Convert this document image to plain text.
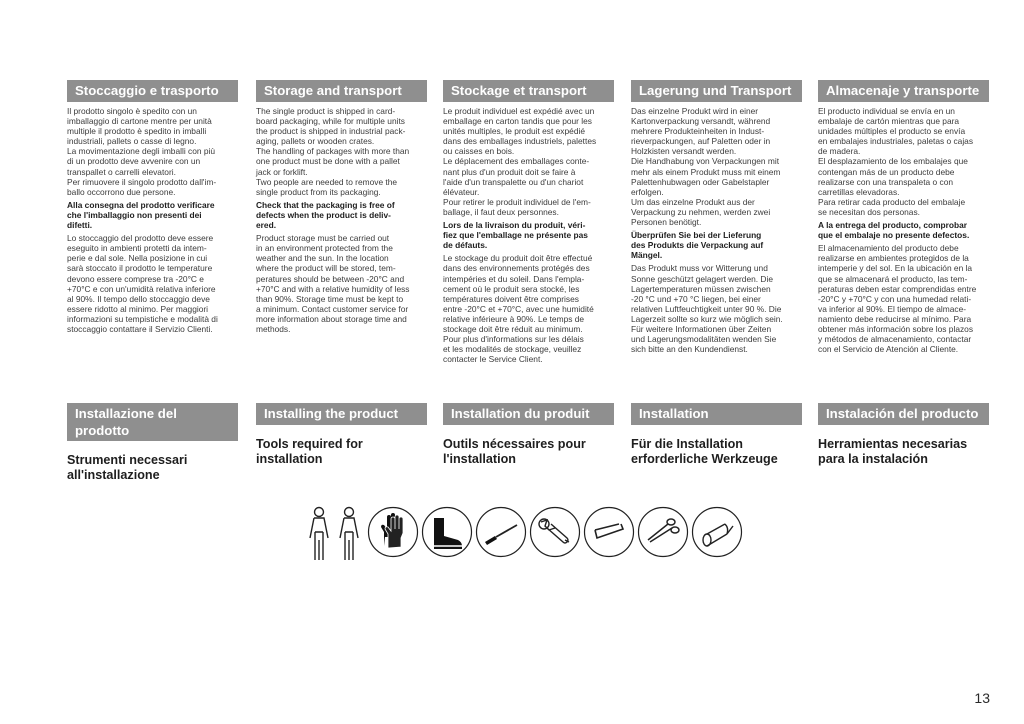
Stoccaggio e trasporto

Il prodotto singolo è spedito con un
imballaggio di cartone mentre per unità
multiple il prodotto è spedito in imballi
industriali, pallets o casse di legno.
La movimentazione degli imballi con più
di un prodotto deve avvenire con un
transpallet o carrelli elevatori.
Per rimuovere il singolo prodotto dall'im-
ballo occorrono due persone.

Alla consegna del prodotto verificare
che l'imballaggio non presenti dei
difetti.

Lo stoccaggio del prodotto deve essere
eseguito in ambienti protetti da intem-
perie e dal sole. Nella posizione in cui
sarà stoccato il prodotto le temperature
devono essere comprese tra -20°C e
+70°C e con un'umidità relativa inferiore
al 90%. Il tempo dello stoccaggio deve
essere ridotto al minimo. Per maggiori
informazioni su tempistiche e modalità di
stoccaggio contattare il Servizio Clienti.

Storage and transport

The single product is shipped in card-
board packaging, while for multiple units
the product is shipped in industrial pack-
aging, pallets or wooden crates.
The handling of packages with more than
one product must be done with a pallet
jack or forklift.
Two people are needed to remove the
single product from its packaging.

Check that the packaging is free of
defects when the product is deliv-
ered.

Product storage must be carried out
in an environment protected from the
weather and the sun. In the location
where the product will be stored, tem-
peratures should be between -20°C and
+70°C and with a relative humidity of less
than 90%. Storage time must be kept to
a minimum. Contact customer service for
more information about storage time and
methods.

Stockage et transport

Le produit individuel est expédié avec un
emballage en carton tandis que pour les
unités multiples, le produit est expédié
dans des emballages industriels, palettes
ou caisses en bois.
Le déplacement des emballages conte-
nant plus d'un produit doit se faire à
l'aide d'un transpalette ou d'un chariot
élévateur.
Pour retirer le produit individuel de l'em-
ballage, il faut deux personnes.

Lors de la livraison du produit, véri-
fiez que l'emballage ne présente pas
de défauts.

Le stockage du produit doit être effectué
dans des environnements protégés des
intempéries et du soleil. Dans l'empla-
cement où le produit sera stocké, les
températures doivent être comprises
entre -20°C et +70°C, avec une humidité
relative inférieure à 90%. Le temps de
stockage doit être réduit au minimum.
Pour plus d'informations sur les délais
et les modalités de stockage, veuillez
contacter le Service Client.

Lagerung und Transport

Das einzelne Produkt wird in einer
Kartonverpackung versandt, während
mehrere Produkteinheiten in Indust-
rieverpackungen, auf Paletten oder in
Holzkisten versandt werden.
Die Handhabung von Verpackungen mit
mehr als einem Produkt muss mit einem
Palettenhubwagen oder Gabelstapler
erfolgen.
Um das einzelne Produkt aus der
Verpackung zu nehmen, werden zwei
Personen benötigt.

Überprüfen Sie bei der Lieferung
des Produkts die Verpackung auf
Mängel.

Das Produkt muss vor Witterung und
Sonne geschützt gelagert werden. Die
Lagertemperaturen müssen zwischen
-20 °C und +70 °C liegen, bei einer
relativen Luftfeuchtigkeit unter 90 %. Die
Lagerzeit sollte so kurz wie möglich sein.
Für weitere Informationen über Zeiten
und Lagerungsmodalitäten wenden Sie
sich bitte an den Kundendienst.

Almacenaje y transporte

El producto individual se envía en un
embalaje de cartón mientras que para
unidades múltiples el producto se envía
en embalajes industriales, paletas o cajas
de madera.
El desplazamiento de los embalajes que
contengan más de un producto debe
realizarse con una transpaleta o con
carretillas elevadoras.
Para retirar cada producto del embalaje
se necesitan dos personas.

A la entrega del producto, comprobar
que el embalaje no presente defectos.

El almacenamiento del producto debe
realizarse en ambientes protegidos de la
intemperie y del sol. En la ubicación en la
que se almacenará el producto, las tem-
peraturas deben estar comprendidas entre
-20°C y +70°C y con una humedad relati-
va inferior al 90%. El tiempo de almace-
namiento debe reducirse al mínimo. Para
obtener más información sobre los plazos
y métodos de almacenamiento, contactar
con el Servicio de Atención al Cliente.

Installazione del
prodotto
Strumenti necessari
all'installazione
Installing the product
Tools required for
installation
Installation du produit
Outils nécessaires pour
l'installation
Installation
Für die Installation
erforderliche Werkzeuge
Instalación del producto
Herramientas necesarias
para la instalación
13
